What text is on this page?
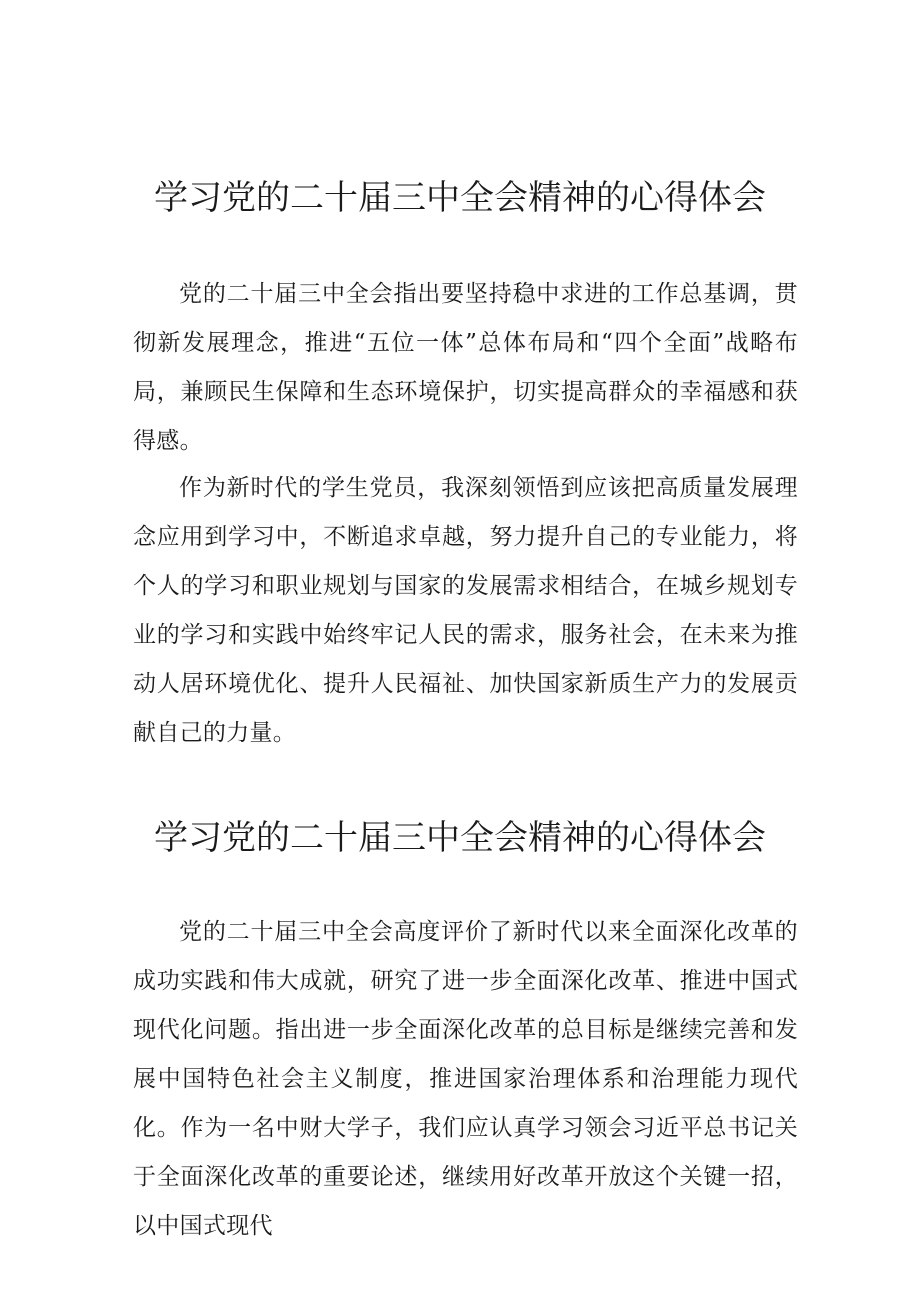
学习党的二十届三中全会精神的心得体会

党的二十届三中全会指出要坚持稳中求进的工作总基调，贯彻新发展理念，推进“五位一体”总体布局和“四个全面”战略布局，兼顾民生保障和生态环境保护，切实提高群众的幸福感和获得感。

作为新时代的学生党员，我深刻领悟到应该把高质量发展理念应用到学习中，不断追求卓越，努力提升自己的专业能力，将个人的学习和职业规划与国家的发展需求相结合，在城乡规划专业的学习和实践中始终牢记人民的需求，服务社会，在未来为推动人居环境优化、提升人民福祉、加快国家新质生产力的发展贡献自己的力量。

学习党的二十届三中全会精神的心得体会

党的二十届三中全会高度评价了新时代以来全面深化改革的成功实践和伟大成就，研究了进一步全面深化改革、推进中国式现代化问题。指出进一步全面深化改革的总目标是继续完善和发展中国特色社会主义制度，推进国家治理体系和治理能力现代化。作为一名中财大学子，我们应认真学习领会习近平总书记关于全面深化改革的重要论述，继续用好改革开放这个关键一招，以中国式现代
